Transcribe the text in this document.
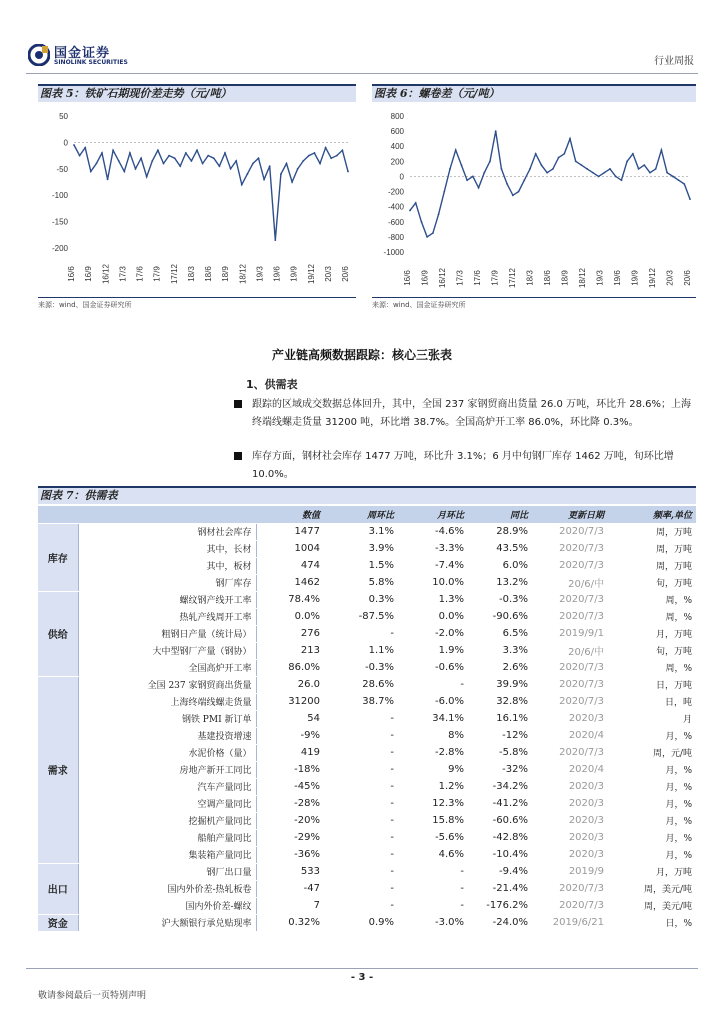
国金证券
SINOLINK SECURITIES	行业周报
图表 5：铁矿石期现价差走势（元/吨）
50
0
-50
-100
-150
-200
16/6 16/9 16/12 17/3 17/6 17/9 17/12 18/3 18/6 18/9 18/12 19/3 19/6 19/9 19/12 20/3 20/6
来源：wind、国金证券研究所
图表 6：螺卷差（元/吨）
800
600
400
200
0
-200
-400
-600
-800
-1000
16/6 16/9 16/12 17/3 17/6 17/9 17/12 18/3 18/6 18/9 18/12 19/3 19/6 19/9 19/12 20/3 20/6
来源：wind、国金证券研究所
产业链高频数据跟踪：核心三张表
1、供需表
跟踪的区域成交数据总体回升，其中，全国 237 家钢贸商出货量 26.0 万吨，环比升 28.6%；上海终端线螺走货量 31200 吨，环比增 38.7%。全国高炉开工率 86.0%，环比降 0.3%。
库存方面，钢材社会库存 1477 万吨，环比升 3.1%；6 月中旬钢厂库存 1462 万吨，旬环比增 10.0%。
图表 7：供需表
		数值	周环比	月环比	同比	更新日期	频率,单位
库存	钢材社会库存	1477	3.1%	-4.6%	28.9%	2020/7/3	周，万吨
	其中，长材	1004	3.9%	-3.3%	43.5%	2020/7/3	周，万吨
	其中，板材	474	1.5%	-7.4%	6.0%	2020/7/3	周，万吨
	钢厂库存	1462	5.8%	10.0%	13.2%	20/6/中	旬，万吨
供给	螺纹钢产线开工率	78.4%	0.3%	1.3%	-0.3%	2020/7/3	周，%
	热轧产线周开工率	0.0%	-87.5%	0.0%	-90.6%	2020/7/3	周，%
	粗钢日产量（统计局）	276	-	-2.0%	6.5%	2019/9/1	月，万吨
	大中型钢厂产量（钢协）	213	1.1%	1.9%	3.3%	20/6/中	旬，万吨
	全国高炉开工率	86.0%	-0.3%	-0.6%	2.6%	2020/7/3	周，%
需求	全国 237 家钢贸商出货量	26.0	28.6%	-	39.9%	2020/7/3	日，万吨
	上海终端线螺走货量	31200	38.7%	-6.0%	32.8%	2020/7/3	日，吨
	钢铁 PMI 新订单	54	-	34.1%	16.1%	2020/3	月
	基建投资增速	-9%	-	8%	-12%	2020/4	月，%
	水泥价格（量）	419	-	-2.8%	-5.8%	2020/7/3	周，元/吨
	房地产新开工同比	-18%	-	9%	-32%	2020/4	月，%
	汽车产量同比	-45%	-	1.2%	-34.2%	2020/3	月，%
	空调产量同比	-28%	-	12.3%	-41.2%	2020/3	月，%
	挖掘机产量同比	-20%	-	15.8%	-60.6%	2020/3	月，%
	船舶产量同比	-29%	-	-5.6%	-42.8%	2020/3	月，%
	集装箱产量同比	-36%	-	4.6%	-10.4%	2020/3	月，%
出口	钢厂出口量	533	-	-	-9.4%	2019/9	月，万吨
	国内外价差-热轧板卷	-47	-	-	-21.4%	2020/7/3	周，美元/吨
	国内外价差-螺纹	7	-	-	-176.2%	2020/7/3	周，美元/吨
资金	沪大额银行承兑贴现率	0.32%	0.9%	-3.0%	-24.0%	2019/6/21	日，%
- 3 -
敬请参阅最后一页特别声明
